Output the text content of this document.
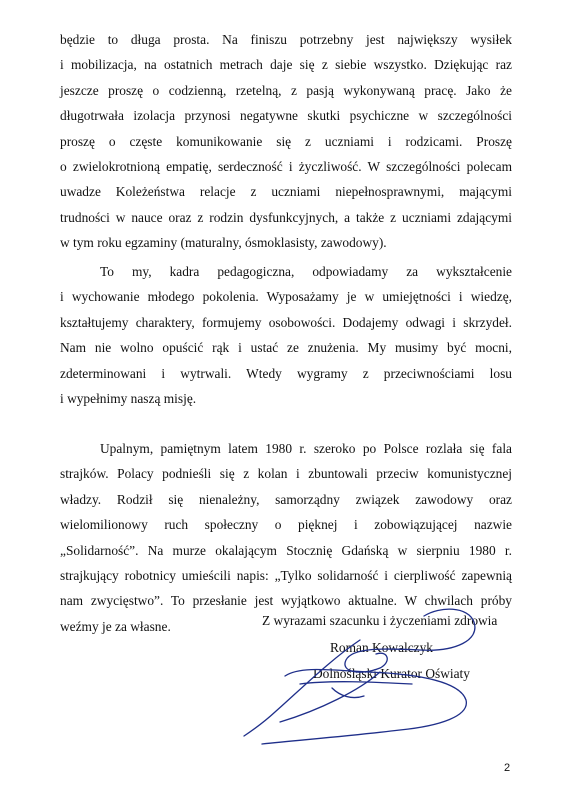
będzie to długa prosta. Na finiszu potrzebny jest największy wysiłek
i mobilizacja, na ostatnich metrach daje się z siebie wszystko. Dziękując raz
jeszcze proszę o codzienną, rzetelną, z pasją wykonywaną pracę. Jako że
długotrwała izolacja przynosi negatywne skutki psychiczne w szczególności
proszę o częste komunikowanie się z uczniami i rodzicami. Proszę
o zwielokrotnioną empatię, serdeczność i życzliwość. W szczególności polecam
uwadze Koleżeństwa relacje z uczniami niepełnosprawnymi, mającymi
trudności w nauce oraz z rodzin dysfunkcyjnych, a także z uczniami zdającymi
w tym roku egzaminy (maturalny, ósmoklasisty, zawodowy).
To my, kadra pedagogiczna, odpowiadamy za wykształcenie
i wychowanie młodego pokolenia. Wyposażamy je w umiejętności i wiedzę,
kształtujemy charaktery, formujemy osobowości. Dodajemy odwagi i skrzydeł.
Nam nie wolno opuścić rąk i ustać ze znużenia. My musimy być mocni,
zdeterminowani i wytrwali. Wtedy wygramy z przeciwnościami losu
i wypełnimy naszą misję.
Upalnym, pamiętnym latem 1980 r. szeroko po Polsce rozlała się fala
strajków. Polacy podnieśli się z kolan i zbuntowali przeciw komunistycznej
władzy. Rodził się nienależny, samorządny związek zawodowy oraz
wielomilionowy ruch społeczny o pięknej i zobowiązującej nazwie
„Solidarność”. Na murze okalającym Stocznię Gdańską w sierpniu 1980 r.
strajkujący robotnicy umieścili napis: „Tylko solidarność i cierpliwość zapewnią
nam zwycięstwo”. To przesłanie jest wyjątkowo aktualne. W chwilach próby
weźmy je za własne.	Z wyrazami szacunku i życzeniami zdrowia
Roman Kowalczyk
Dolnośląski Kurator Oświaty
2
